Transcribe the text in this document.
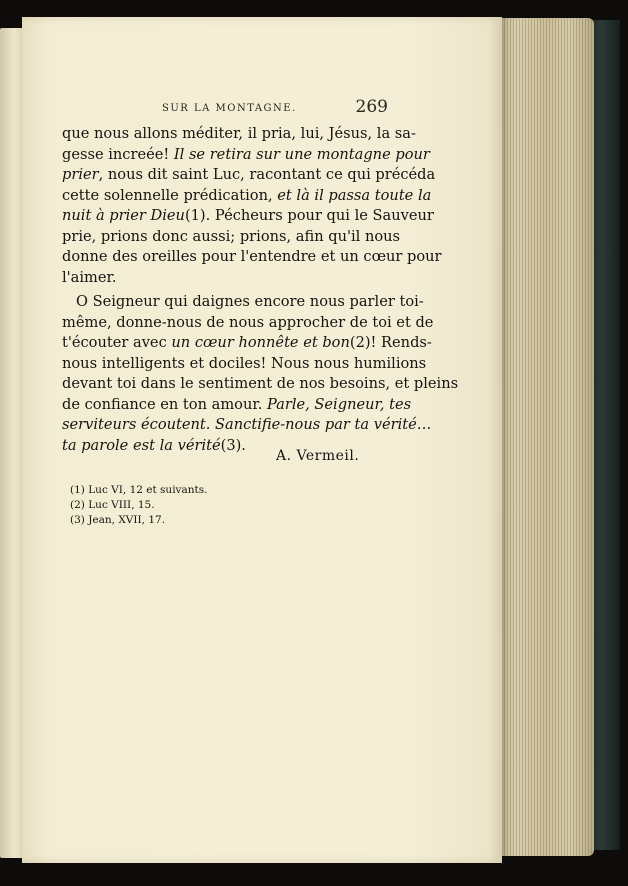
SUR LA MONTAGNE.	269

que nous allons méditer, il pria, lui, Jésus, la sa-
gesse increée! Il se retira sur une montagne pour
prier, nous dit saint Luc, racontant ce qui précéda
cette solennelle prédication, et là il passa toute la
nuit à prier Dieu(1). Pécheurs pour qui le Sauveur
prie, prions donc aussi; prions, afin qu'il nous
donne des oreilles pour l'entendre et un cœur pour
l'aimer.

O Seigneur qui daignes encore nous parler toi-
même, donne-nous de nous approcher de toi et de
t'écouter avec un cœur honnête et bon(2)! Rends-
nous intelligents et dociles! Nous nous humilions
devant toi dans le sentiment de nos besoins, et pleins
de confiance en ton amour. Parle, Seigneur, tes
serviteurs écoutent. Sanctifie-nous par ta vérité…
ta parole est la vérité(3).

A. Vermeil.
(1) Luc VI, 12 et suivants.
(2) Luc VIII, 15.
(3) Jean, XVII, 17.
